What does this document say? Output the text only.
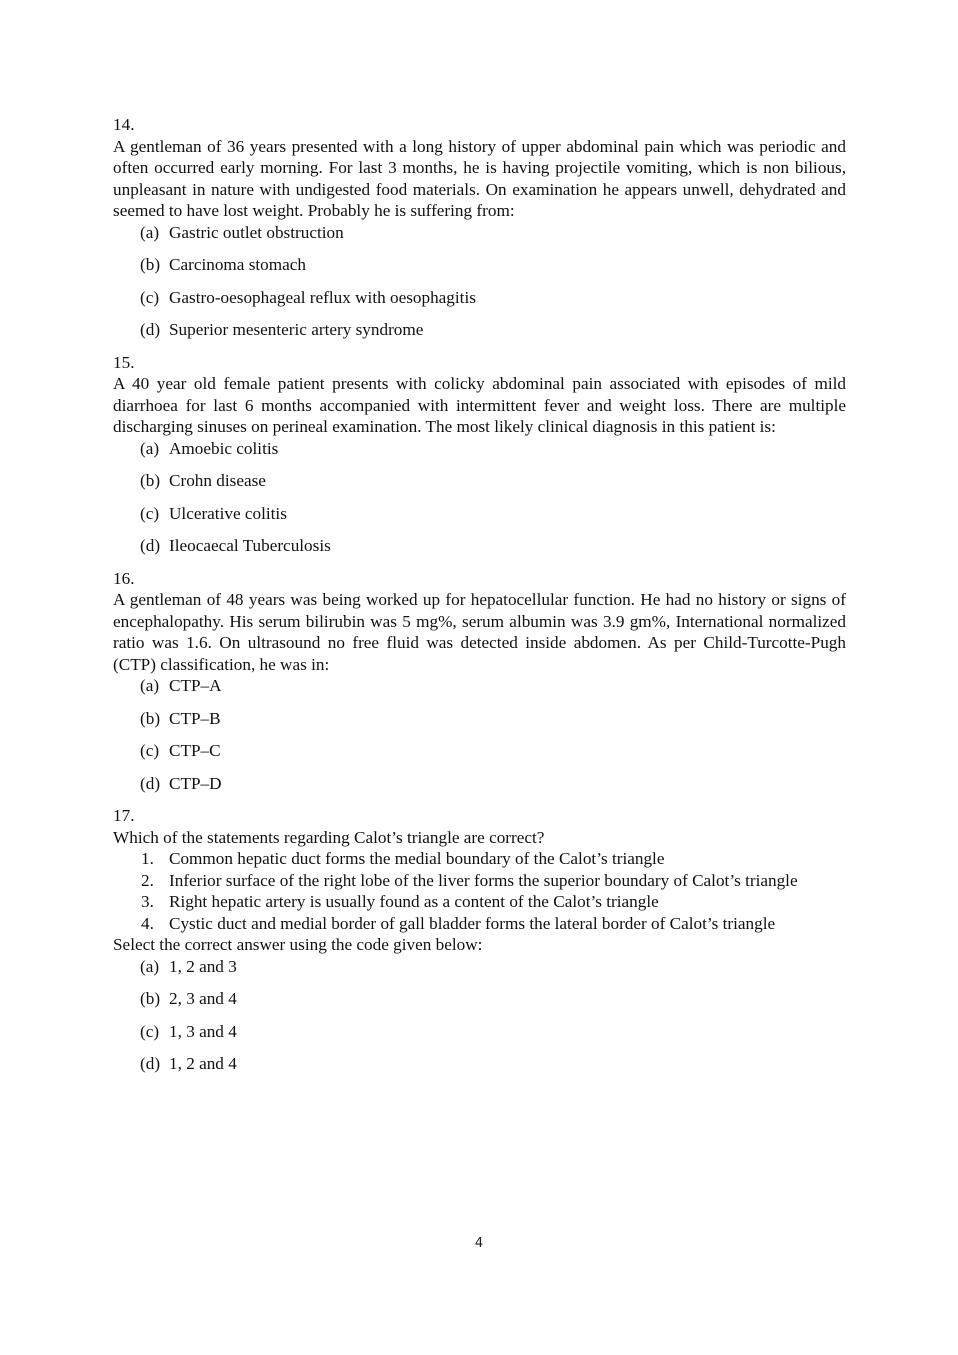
14.
A gentleman of 36 years presented with a long history of upper abdominal pain which was periodic and often occurred early morning. For last 3 months, he is having projectile vomiting, which is non bilious, unpleasant in nature with undigested food materials. On examination he appears unwell, dehydrated and seemed to have lost weight. Probably he is suffering from:
(a) Gastric outlet obstruction
(b) Carcinoma stomach
(c) Gastro-oesophageal reflux with oesophagitis
(d) Superior mesenteric artery syndrome
15.
A 40 year old female patient presents with colicky abdominal pain associated with episodes of mild diarrhoea for last 6 months accompanied with intermittent fever and weight loss. There are multiple discharging sinuses on perineal examination. The most likely clinical diagnosis in this patient is:
(a) Amoebic colitis
(b) Crohn disease
(c) Ulcerative colitis
(d) Ileocaecal Tuberculosis
16.
A gentleman of 48 years was being worked up for hepatocellular function. He had no history or signs of encephalopathy. His serum bilirubin was 5 mg%, serum albumin was 3.9 gm%, International normalized ratio was 1.6. On ultrasound no free fluid was detected inside abdomen. As per Child-Turcotte-Pugh (CTP) classification, he was in:
(a) CTP–A
(b) CTP–B
(c) CTP–C
(d) CTP–D
17.
Which of the statements regarding Calot’s triangle are correct?
1. Common hepatic duct forms the medial boundary of the Calot’s triangle
2. Inferior surface of the right lobe of the liver forms the superior boundary of Calot’s triangle
3. Right hepatic artery is usually found as a content of the Calot’s triangle
4. Cystic duct and medial border of gall bladder forms the lateral border of Calot’s triangle
Select the correct answer using the code given below:
(a) 1, 2 and 3
(b) 2, 3 and 4
(c) 1, 3 and 4
(d) 1, 2 and 4
4
